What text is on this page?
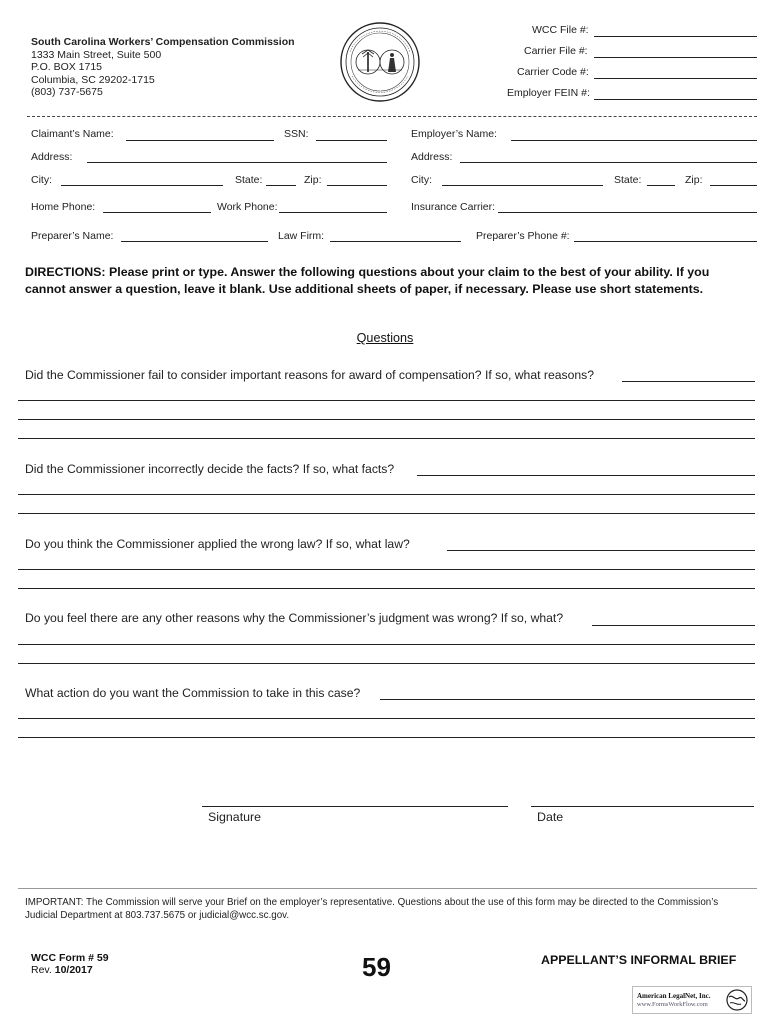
South Carolina Workers’ Compensation Commission
1333 Main Street, Suite 500
P.O. BOX 1715
Columbia, SC 29202-1715
(803) 737-5675
WCC File #:
Carrier File #:
Carrier Code #:
Employer FEIN #:
Claimant’s Name:	SSN:	Employer’s Name:
Address:	Address:
City:	State:	Zip:	City:	State:	Zip:
Home Phone:	Work Phone:	Insurance Carrier:
Preparer’s Name:	Law Firm:	Preparer’s Phone #:
DIRECTIONS: Please print or type. Answer the following questions about your claim to the best of your ability. If you cannot answer a question, leave it blank. Use additional sheets of paper, if necessary. Please use short statements.
Questions
Did the Commissioner fail to consider important reasons for award of compensation? If so, what reasons?
Did the Commissioner incorrectly decide the facts? If so, what facts?
Do you think the Commissioner applied the wrong law? If so, what law?
Do you feel there are any other reasons why the Commissioner’s judgment was wrong? If so, what?
What action do you want the Commission to take in this case?
Signature	Date
IMPORTANT: The Commission will serve your Brief on the employer’s representative. Questions about the use of this form may be directed to the Commission’s Judicial Department at 803.737.5675 or judicial@wcc.sc.gov.
WCC Form # 59
Rev. 10/2017	59	APPELLANT’S INFORMAL BRIEF
American LegalNet, Inc.
www.FormsWorkFlow.com
